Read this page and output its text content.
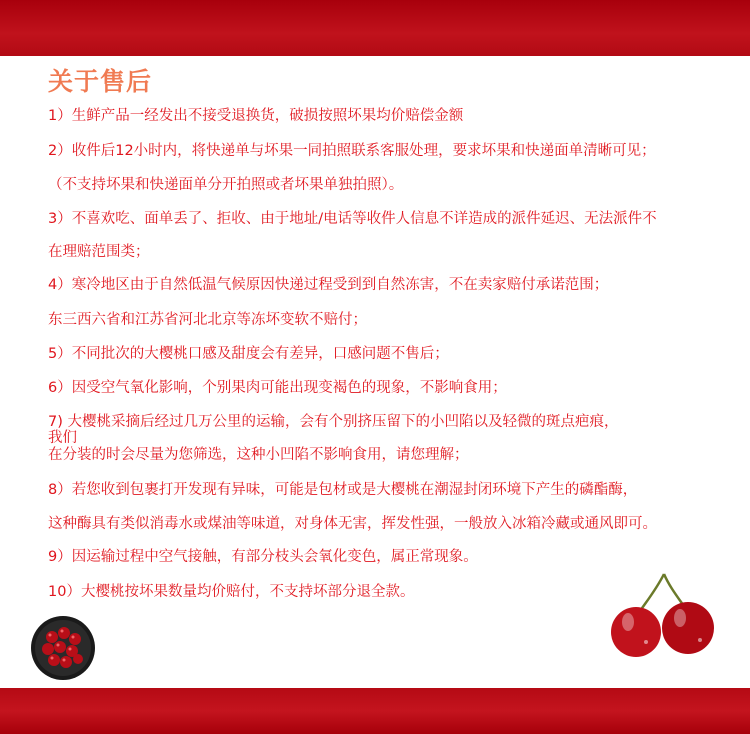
关于售后
1）生鲜产品一经发出不接受退换货，破损按照坏果均价赔偿金额
2）收件后12小时内，将快递单与坏果一同拍照联系客服处理，要求坏果和快递面单清晰可见；
（不支持坏果和快递面单分开拍照或者坏果单独拍照）。
3）不喜欢吃、面单丢了、拒收、由于地址/电话等收件人信息不详造成的派件延迟、无法派件不
在理赔范围类；
4）寒冷地区由于自然低温气候原因快递过程受到到自然冻害，不在卖家赔付承诺范围；
东三西六省和江苏省河北北京等冻坏变软不赔付；
5）不同批次的大樱桃口感及甜度会有差异，口感问题不售后；
6）因受空气氧化影响，个别果肉可能出现变褐色的现象，不影响食用；
7) 大樱桃采摘后经过几万公里的运输，会有个别挤压留下的小凹陷以及轻微的斑点疤痕，
我们
在分装的时会尽量为您筛选，这种小凹陷不影响食用，请您理解；
8）若您收到包裹打开发现有异味，可能是包材或是大樱桃在潮湿封闭环境下产生的磷酯酶，
这种酶具有类似消毒水或煤油等味道，对身体无害，挥发性强，一般放入冰箱冷藏或通风即可。
9）因运输过程中空气接触，有部分枝头会氧化变色，属正常现象。
10）大樱桃按坏果数量均价赔付，不支持坏部分退全款。
